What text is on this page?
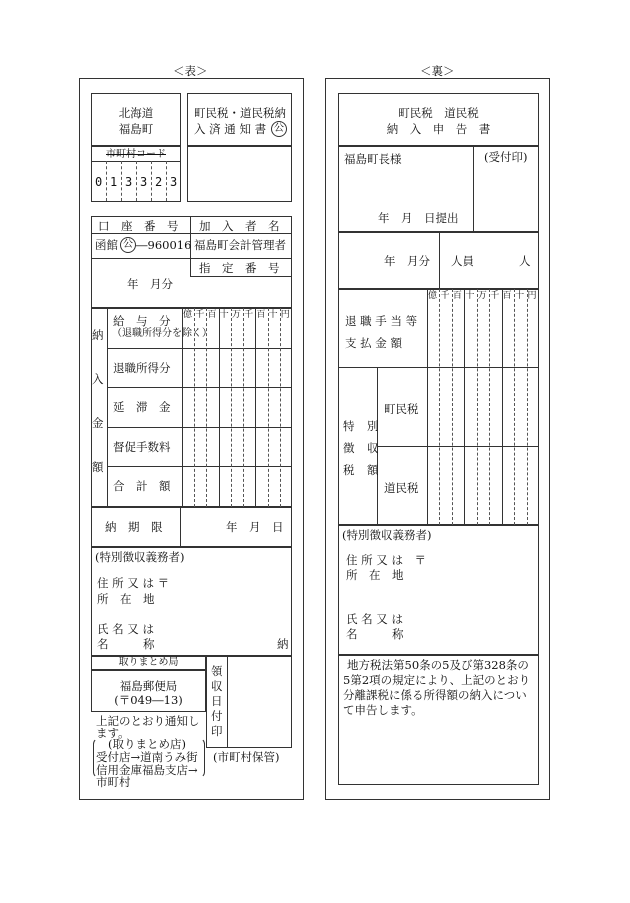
＜表＞	＜裏＞
北海道
福島町
市町村コード
0 1 3 3 2 3
町民税・道民税納
入 済 通 知 書 公
口　座　番　号 加　入　者　名
函館 公 ―960016 福島町会計管理者
指　定　番　号
年　月分
億 千 百 十 万 千 百 十 円
給　与　分
（退職所得分を除く）
退職所得分
延　滞　金
督促手数料
合　計　額
納
入
金
額
納　期　限	年　月　日
(特別徴収義務者)
住 所 又 は 〒
所　在　地
氏 名 又 は
名　　　称	納
取りまとめ局
福島郵便局
(〒049―13)
領
収
日
付
印
上記のとおり通知し
ます。
(取りまとめ店)
受付店→道南うみ街
信用金庫福島支店→
市町村
(市町村保管)
町民税　道民税
納　入　申　告　書
福島町長様	(受付印)
年　月　日提出
年　月分 人員	人
億 千 百 十 万 千 百 十 円
退 職 手 当 等
支 払 金 額
特 別
徴 収
税 額
町民税
道民税
(特別徴収義務者)
住 所 又 は　〒
所　在　地
氏 名 又 は
名　　　称
地方税法第50条の5及び第328条の
5第2項の規定により、上記のとおり
分離課税に係る所得額の納入につい
て申告します。
